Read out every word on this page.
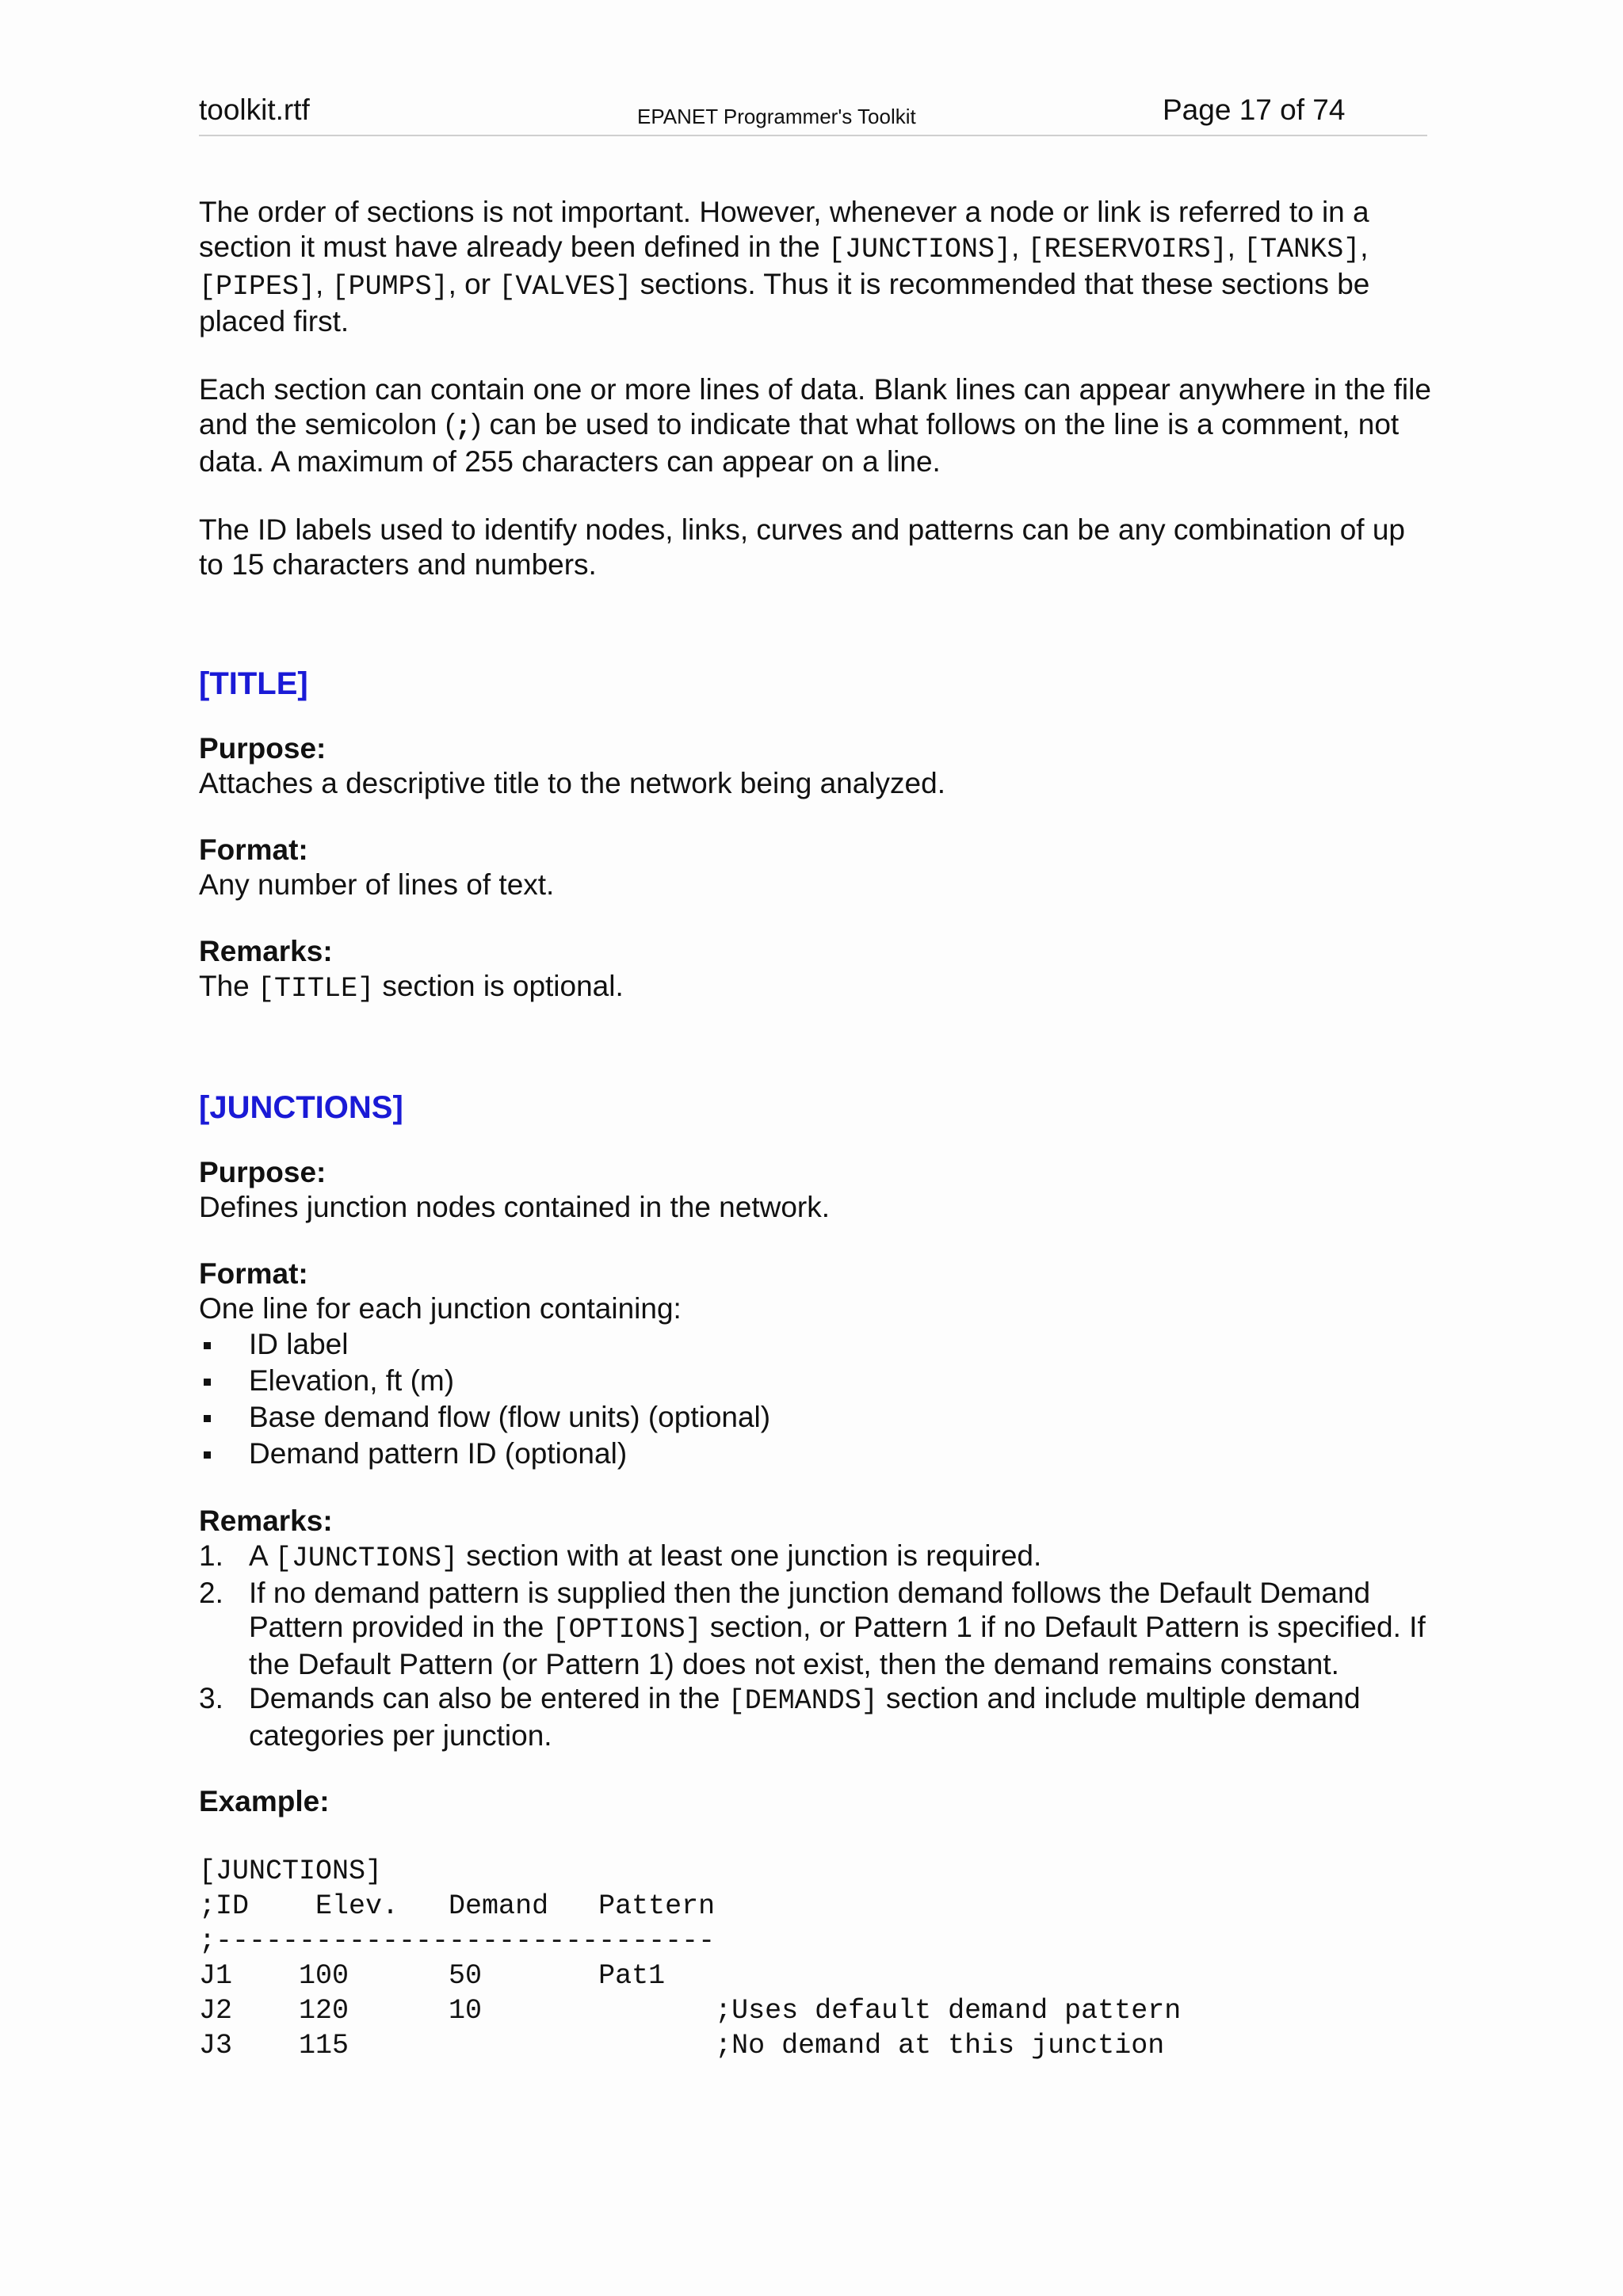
toolkit.rtf	EPANET Programmer's Toolkit	Page 17 of 74

The order of sections is not important. However, whenever a node or link is referred to in a section it must have already been defined in the [JUNCTIONS], [RESERVOIRS], [TANKS], [PIPES], [PUMPS], or [VALVES] sections. Thus it is recommended that these sections be placed first.

Each section can contain one or more lines of data. Blank lines can appear anywhere in the file and the semicolon (;) can be used to indicate that what follows on the line is a comment, not data. A maximum of 255 characters can appear on a line.

The ID labels used to identify nodes, links, curves and patterns can be any combination of up to 15 characters and numbers.

[TITLE]
Purpose:

Attaches a descriptive title to the network being analyzed.

Format:

Any number of lines of text.

Remarks:

The [TITLE] section is optional.

[JUNCTIONS]
Purpose:

Defines junction nodes contained in the network.

Format:

One line for each junction containing:

ID label
Elevation, ft (m)
Base demand flow (flow units) (optional)
Demand pattern ID (optional)
Remarks:
1. A [JUNCTIONS] section with at least one junction is required.
2. If no demand pattern is supplied then the junction demand follows the Default Demand Pattern provided in the [OPTIONS] section, or Pattern 1 if no Default Pattern is specified. If the Default Pattern (or Pattern 1) does not exist, then the demand remains constant.
3. Demands can also be entered in the [DEMANDS] section and include multiple demand categories per junction.
Example:
[JUNCTIONS]
;ID    Elev.   Demand   Pattern
;------------------------------
J1    100      50       Pat1
J2    120      10              ;Uses default demand pattern
J3    115                      ;No demand at this junction
